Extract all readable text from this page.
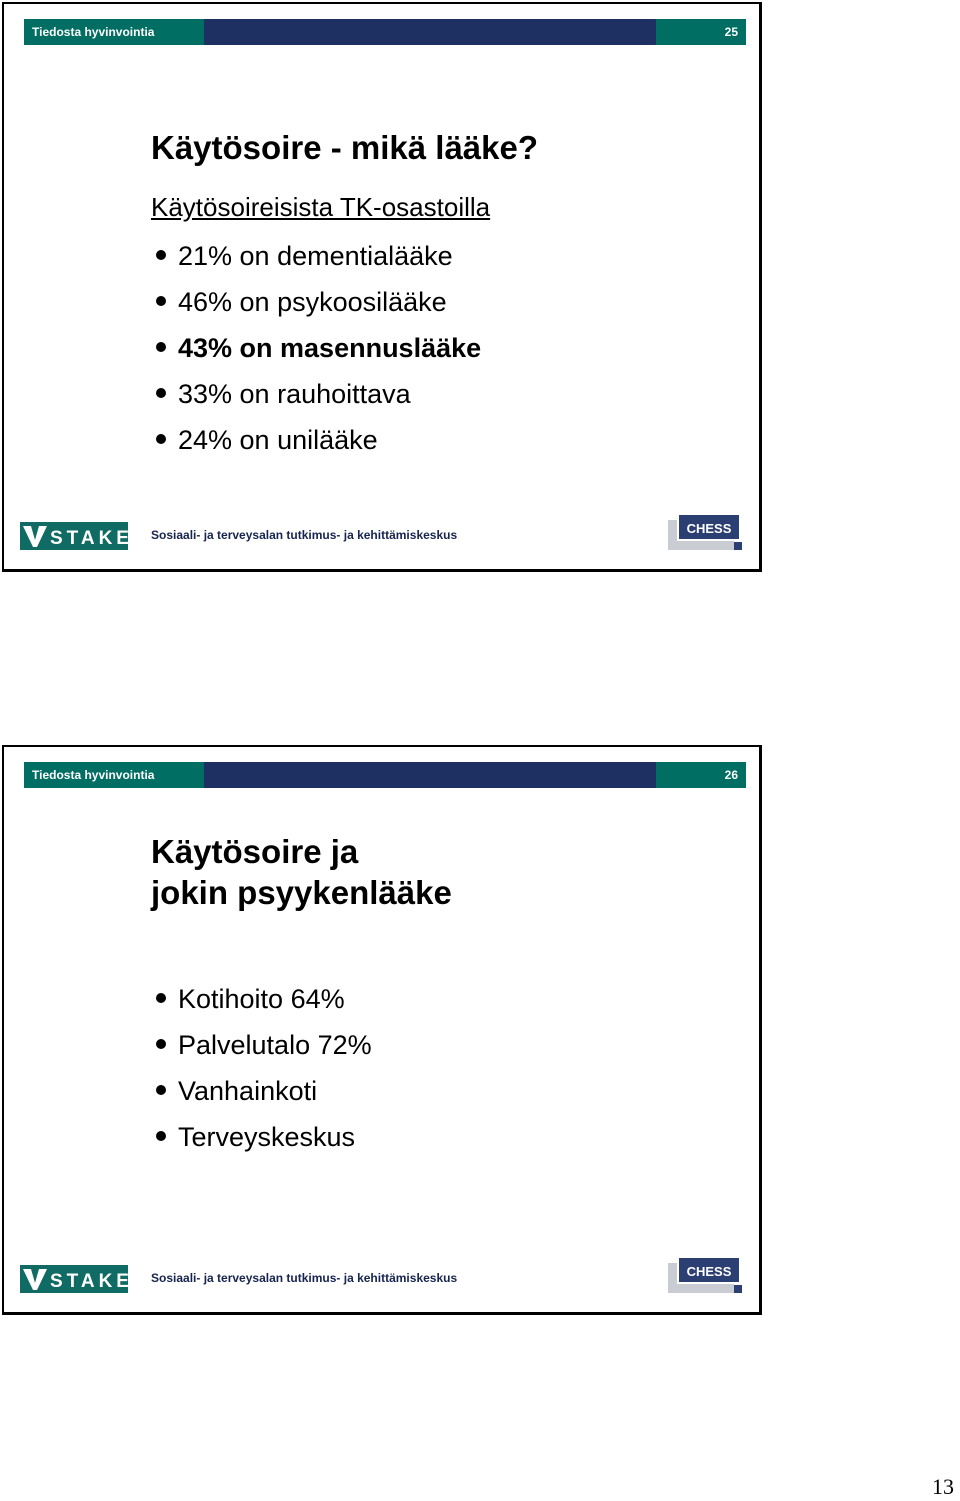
Tiedosta hyvinvointia	25
Käytösoire - mikä lääke?
Käytösoireisista TK-osastoilla
21% on dementialääke
46% on psykoosilääke
43% on masennuslääke
33% on rauhoittava
24% on unilääke
STAKES Sosiaali- ja terveysalan tutkimus- ja kehittämiskeskus	CHESS
Tiedosta hyvinvointia	26
Käytösoire ja
jokin psyykenlääke
Kotihoito 64%
Palvelutalo 72%
Vanhainkoti
Terveyskeskus
STAKES Sosiaali- ja terveysalan tutkimus- ja kehittämiskeskus	CHESS
13
